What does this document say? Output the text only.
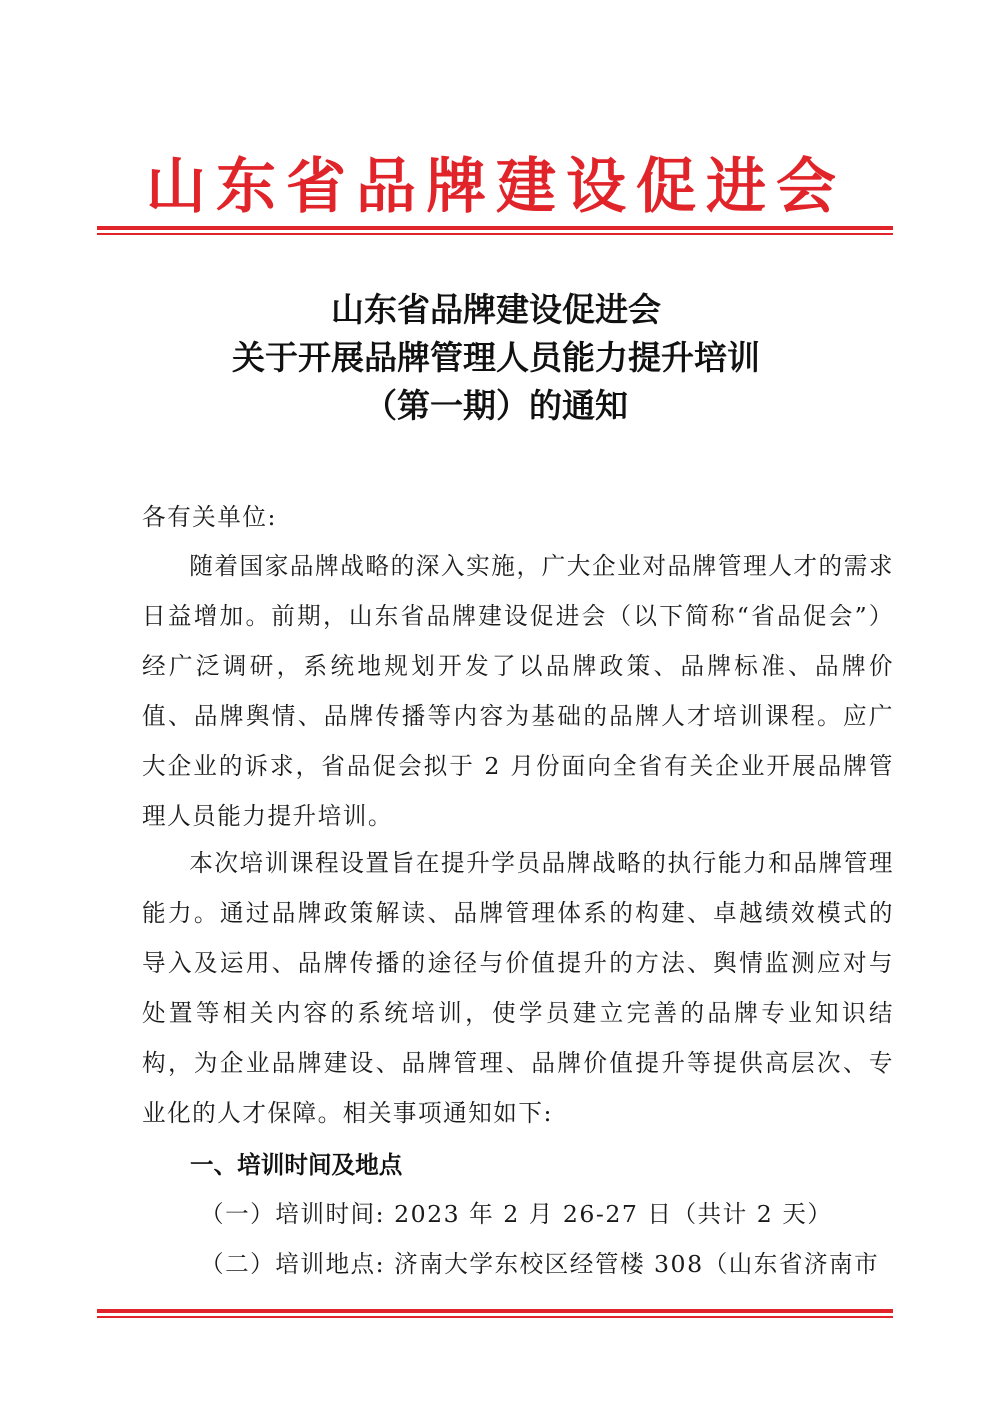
山东省品牌建设促进会
山东省品牌建设促进会
关于开展品牌管理人员能力提升培训
（第一期）的通知
各有关单位:

随着国家品牌战略的深入实施，广大企业对品牌管理人才的需求日益增加。前期，山东省品牌建设促进会（以下简称“省品促会”）经广泛调研，系统地规划开发了以品牌政策、品牌标准、品牌价值、品牌舆情、品牌传播等内容为基础的品牌人才培训课程。应广大企业的诉求，省品促会拟于 2 月份面向全省有关企业开展品牌管理人员能力提升培训。

本次培训课程设置旨在提升学员品牌战略的执行能力和品牌管理能力。通过品牌政策解读、品牌管理体系的构建、卓越绩效模式的导入及运用、品牌传播的途径与价值提升的方法、舆情监测应对与处置等相关内容的系统培训，使学员建立完善的品牌专业知识结构，为企业品牌建设、品牌管理、品牌价值提升等提供高层次、专业化的人才保障。相关事项通知如下:

一、培训时间及地点
（一）培训时间: 2023 年 2 月 26-27 日（共计 2 天）
（二）培训地点: 济南大学东校区经管楼 308（山东省济南市
